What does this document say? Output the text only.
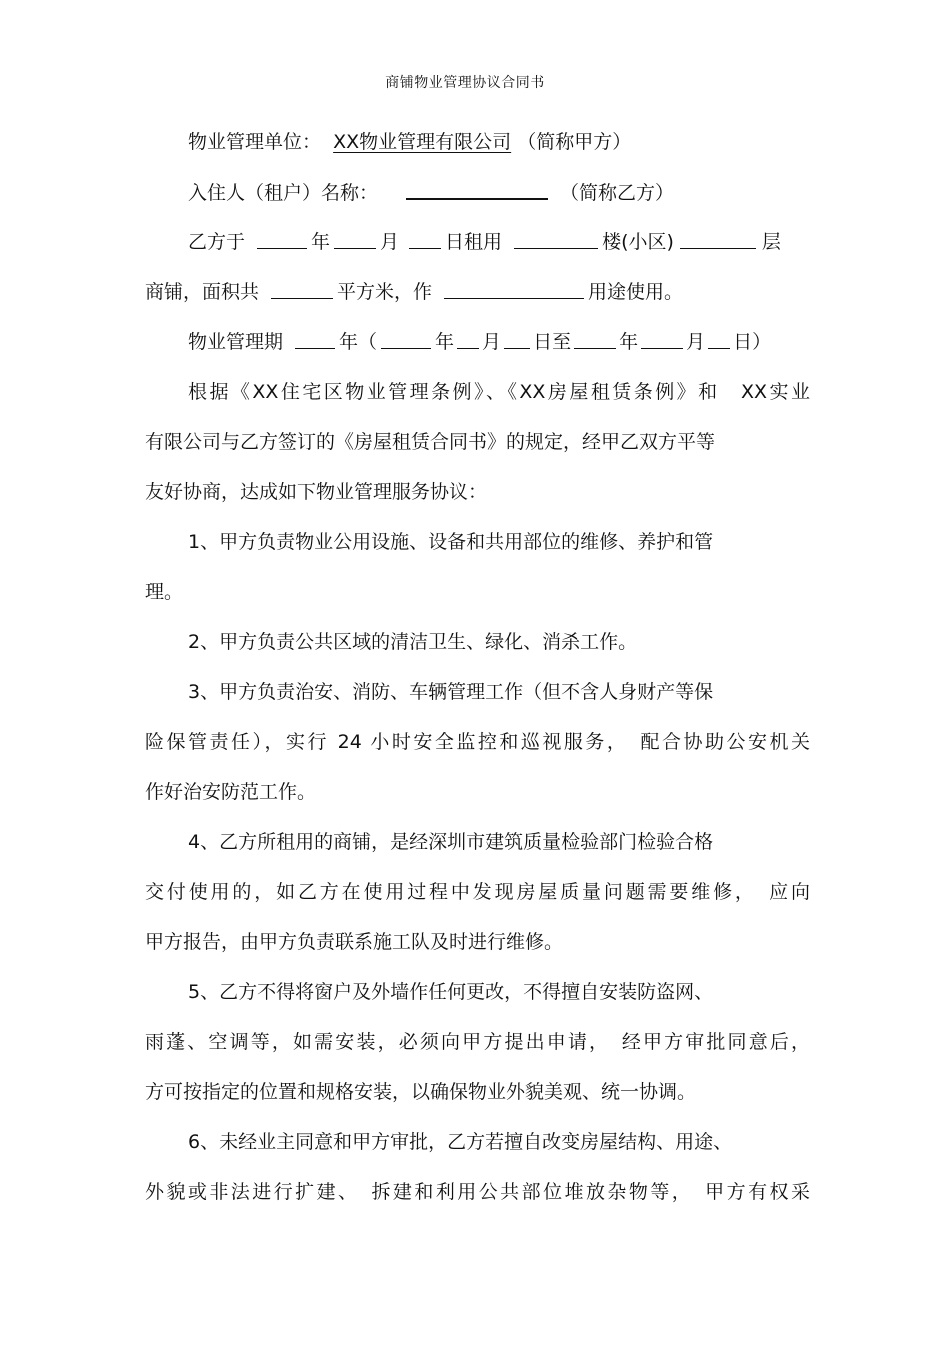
商铺物业管理协议合同书
物业管理单位： XX物业管理有限公司 （简称甲方）
入住人（租户）名称：	（简称乙方）
乙方于	年	月 日租用	楼(小区)	层
商铺，面积共	平方米，作	用途使用。
物业管理期	年（	年 月 日至	年	月 日）
根据《XX住宅区物业管理条例》、《XX房屋租赁条例》和　XX实业
有限公司与乙方签订的《房屋租赁合同书》的规定，经甲乙双方平等
友好协商，达成如下物业管理服务协议：
1、甲方负责物业公用设施、设备和共用部位的维修、养护和管
理。
2、甲方负责公共区域的清洁卫生、绿化、消杀工作。
3、甲方负责治安、消防、车辆管理工作（但不含人身财产等保
险保管责任），实行 24 小时安全监控和巡视服务，　配合协助公安机关
作好治安防范工作。
4、乙方所租用的商铺，是经深圳市建筑质量检验部门检验合格
交付使用的，如乙方在使用过程中发现房屋质量问题需要维修，　应向
甲方报告，由甲方负责联系施工队及时进行维修。
5、乙方不得将窗户及外墙作任何更改，不得擅自安装防盗网、
雨蓬、空调等，如需安装，必须向甲方提出申请，　经甲方审批同意后，
方可按指定的位置和规格安装，以确保物业外貌美观、统一协调。
6、未经业主同意和甲方审批，乙方若擅自改变房屋结构、用途、
外貌或非法进行扩建、　拆建和利用公共部位堆放杂物等，　甲方有权采
